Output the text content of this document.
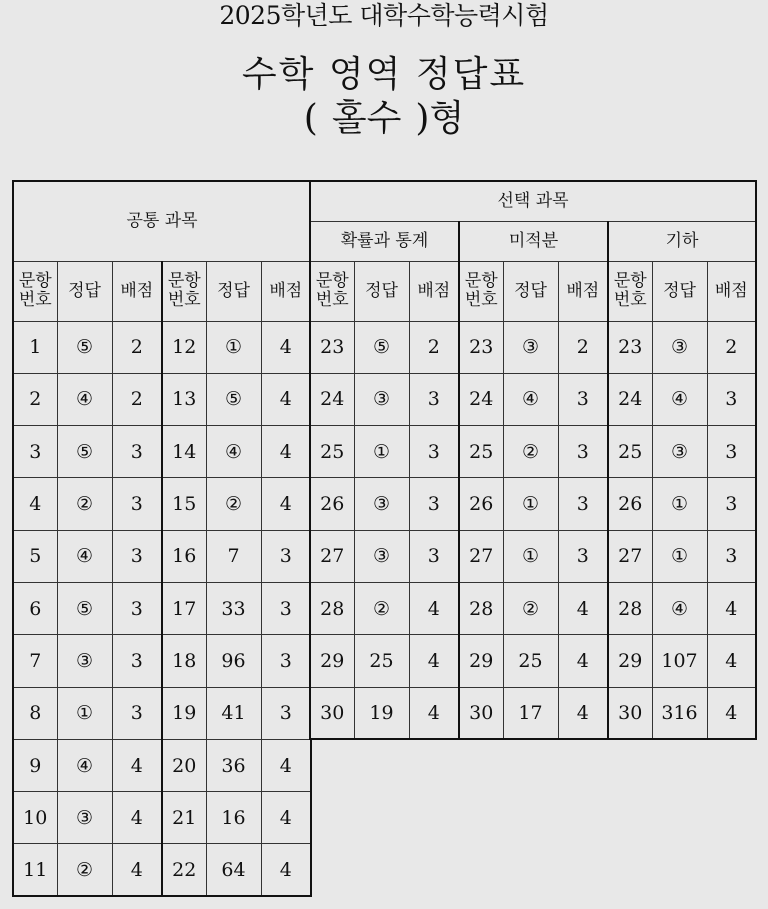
2025학년도 대학수학능력시험
수학 영역 정답표
( 홀수 )형
공통 과목					
문항
번호	정답	배점	문항
번호	정답	배점
1	⑤	2	12	①	4
2	④	2	13	⑤	4
3	⑤	3	14	④	4
4	②	3	15	②	4
5	④	3	16	7	3
6	⑤	3	17	33	3
7	③	3	18	96	3
8	①	3	19	41	3
9	④	4	20	36	4
10	③	4	21	16	4
11	②	4	22	64	4
선택 과목								
확률과 통계			미적분			기하		
문항
번호	정답	배점	문항
번호	정답	배점	문항
번호	정답	배점
23	⑤	2	23	③	2	23	③	2
24	③	3	24	④	3	24	④	3
25	①	3	25	②	3	25	③	3
26	③	3	26	①	3	26	①	3
27	③	3	27	①	3	27	①	3
28	②	4	28	②	4	28	④	4
29	25	4	29	25	4	29	107	4
30	19	4	30	17	4	30	316	4
